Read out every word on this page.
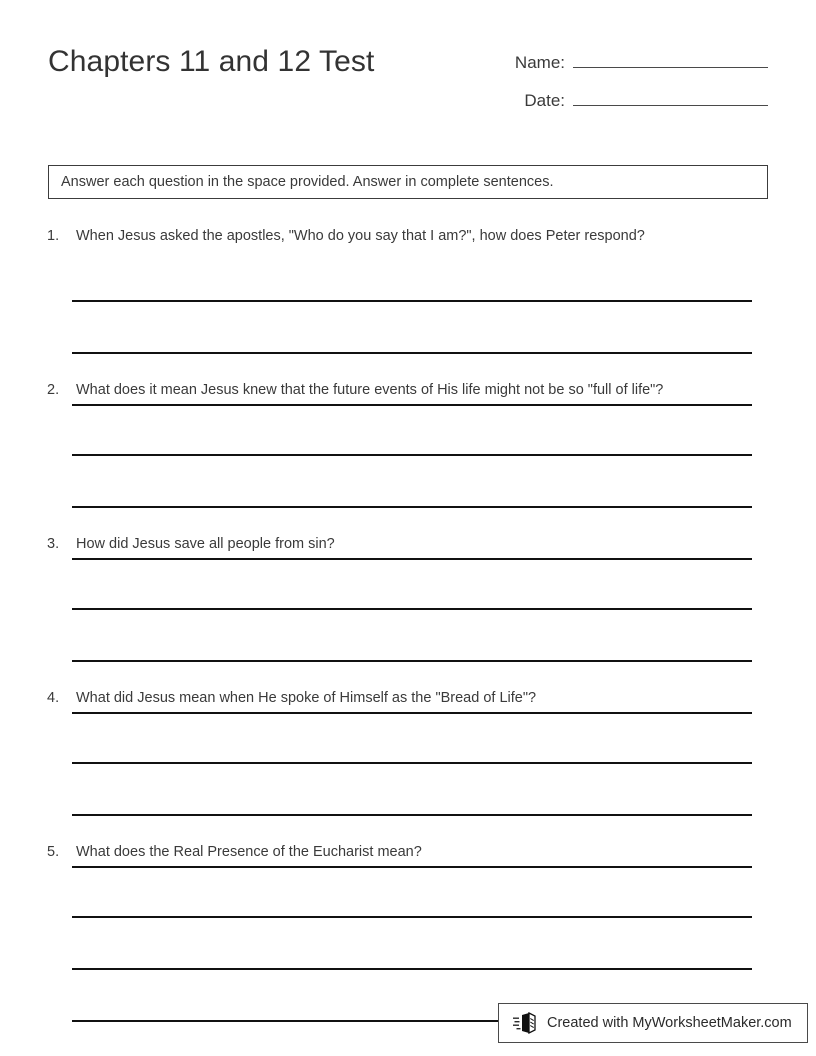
Chapters 11 and 12 Test	Name:
Date:
Answer each question in the space provided. Answer in complete sentences.
1. When Jesus asked the apostles, "Who do you say that I am?", how does Peter respond?
2. What does it mean Jesus knew that the future events of His life might not be so "full of life"?
3. How did Jesus save all people from sin?
4. What did Jesus mean when He spoke of Himself as the "Bread of Life"?
5. What does the Real Presence of the Eucharist mean?
Created with MyWorksheetMaker.com
